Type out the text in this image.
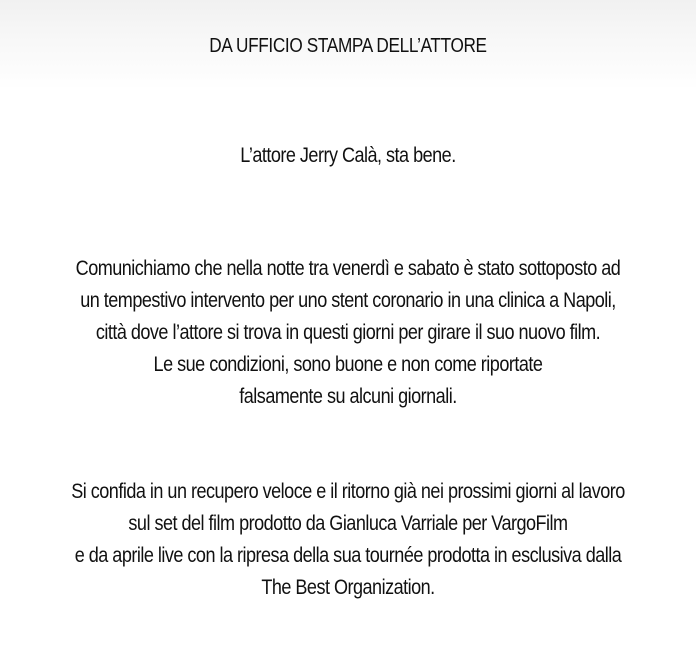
DA UFFICIO STAMPA DELL’ATTORE
L’attore Jerry Calà, sta bene.
Comunichiamo che nella notte tra venerdì e sabato è stato sottoposto ad
un tempestivo intervento per uno stent coronario in una clinica a Napoli,
città dove l’attore si trova in questi giorni per girare il suo nuovo film.
Le sue condizioni, sono buone e non come riportate
falsamente su alcuni giornali.
Si confida in un recupero veloce e il ritorno già nei prossimi giorni al lavoro
sul set del film prodotto da Gianluca Varriale per VargoFilm
e da aprile live con la ripresa della sua tournée prodotta in esclusiva dalla
The Best Organization.
